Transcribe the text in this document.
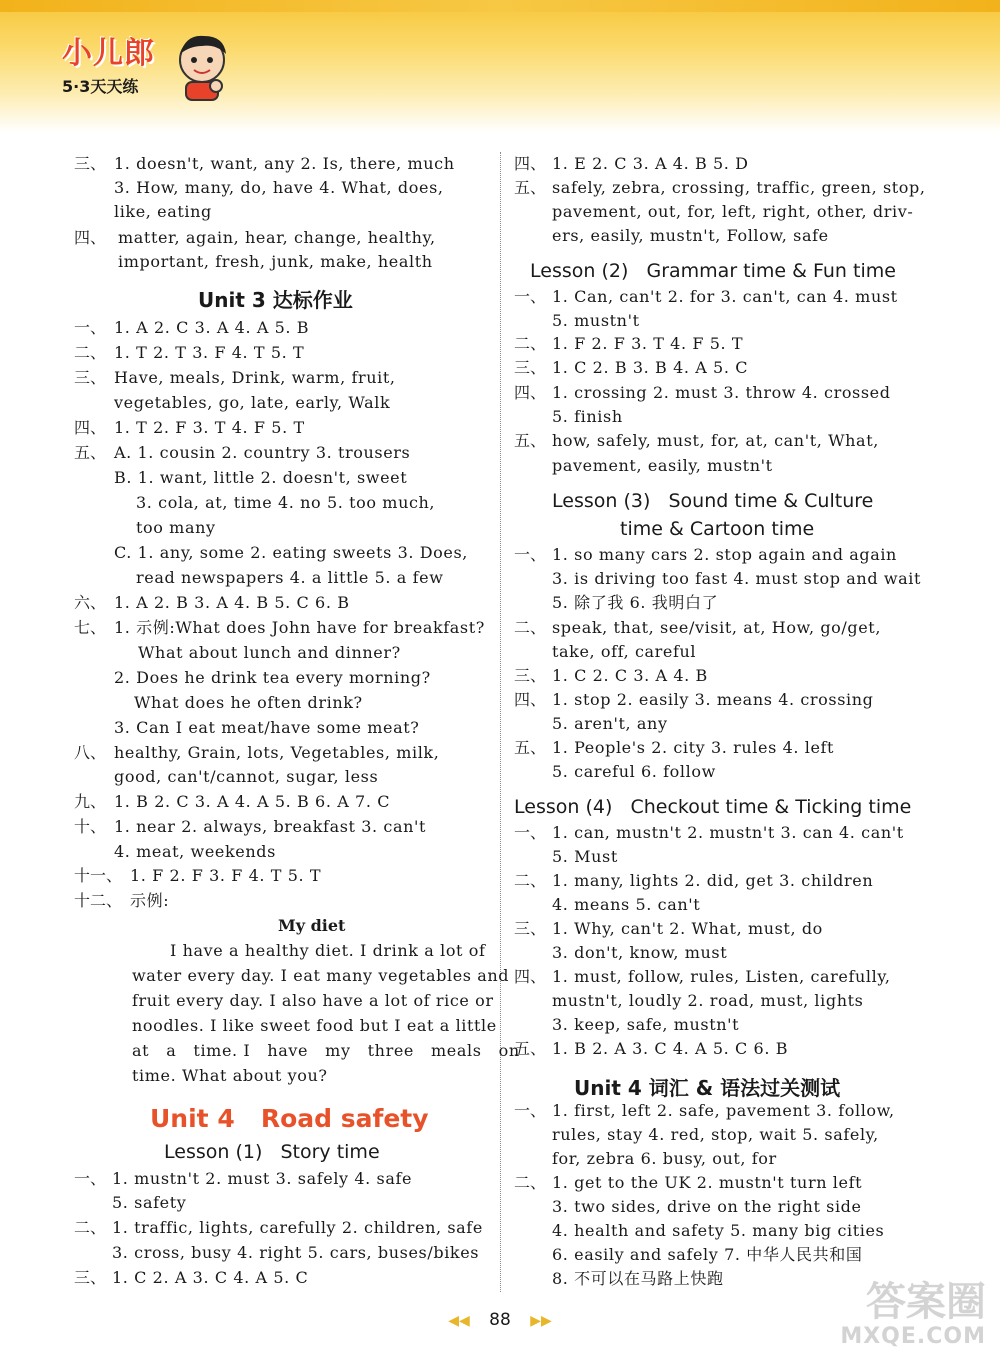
小儿郎
5·3天天练
三、 1. doesn't, want, any 2. Is, there, much
3. How, many, do, have 4. What, does,
like, eating
四、 matter, again, hear, change, healthy,
important, fresh, junk, make, health
Unit 3 达标作业
一、 1. A 2. C 3. A 4. A 5. B
二、 1. T 2. T 3. F 4. T 5. T
三、 Have, meals, Drink, warm, fruit,
vegetables, go, late, early, Walk
四、 1. T 2. F 3. T 4. F 5. T
五、 A. 1. cousin 2. country 3. trousers
B. 1. want, little 2. doesn't, sweet
3. cola, at, time 4. no 5. too much,
too many
C. 1. any, some 2. eating sweets 3. Does,
read newspapers 4. a little 5. a few
六、 1. A 2. B 3. A 4. B 5. C 6. B
七、 1. 示例:What does John have for breakfast?
What about lunch and dinner?
2. Does he drink tea every morning?
What does he often drink?
3. Can I eat meat/have some meat?
八、 healthy, Grain, lots, Vegetables, milk,
good, can't/cannot, sugar, less
九、 1. B 2. C 3. A 4. A 5. B 6. A 7. C
十、 1. near 2. always, breakfast 3. can't
4. meat, weekends
十一、 1. F 2. F 3. F 4. T 5. T
十二、 示例:
My diet
I have a healthy diet. I drink a lot of
water every day. I eat many vegetables and
fruit every day. I also have a lot of rice or
noodles. I like sweet food but I eat a little
at   a   time. I   have   my   three   meals   on
time. What about you?
Unit 4   Road safety
Lesson (1)   Story time
一、 1. mustn't 2. must 3. safely 4. safe
5. safety
二、 1. traffic, lights, carefully 2. children, safe
3. cross, busy 4. right 5. cars, buses/bikes
三、 1. C 2. A 3. C 4. A 5. C
四、 1. E 2. C 3. A 4. B 5. D
五、 safely, zebra, crossing, traffic, green, stop,
pavement, out, for, left, right, other, driv-
ers, easily, mustn't, Follow, safe
Lesson (2)   Grammar time & Fun time
一、 1. Can, can't 2. for 3. can't, can 4. must
5. mustn't
二、 1. F 2. F 3. T 4. F 5. T
三、 1. C 2. B 3. B 4. A 5. C
四、 1. crossing 2. must 3. throw 4. crossed
5. finish
五、 how, safely, must, for, at, can't, What,
pavement, easily, mustn't
Lesson (3)   Sound time & Culture
time & Cartoon time
一、 1. so many cars 2. stop again and again
3. is driving too fast 4. must stop and wait
5. 除了我 6. 我明白了
二、 speak, that, see/visit, at, How, go/get,
take, off, careful
三、 1. C 2. C 3. A 4. B
四、 1. stop 2. easily 3. means 4. crossing
5. aren't, any
五、 1. People's 2. city 3. rules 4. left
5. careful 6. follow
Lesson (4)   Checkout time & Ticking time
一、 1. can, mustn't 2. mustn't 3. can 4. can't
5. Must
二、 1. many, lights 2. did, get 3. children
4. means 5. can't
三、 1. Why, can't 2. What, must, do
3. don't, know, must
四、 1. must, follow, rules, Listen, carefully,
mustn't, loudly 2. road, must, lights
3. keep, safe, mustn't
五、 1. B 2. A 3. C 4. A 5. C 6. B
Unit 4 词汇 & 语法过关测试
一、 1. first, left 2. safe, pavement 3. follow,
rules, stay 4. red, stop, wait 5. safely,
for, zebra 6. busy, out, for
二、 1. get to the UK 2. mustn't turn left
3. two sides, drive on the right side
4. health and safety 5. many big cities
6. easily and safely 7. 中华人民共和国
8. 不可以在马路上快跑
◀◀ 88 ▶▶	答案圈
MXQE.COM
